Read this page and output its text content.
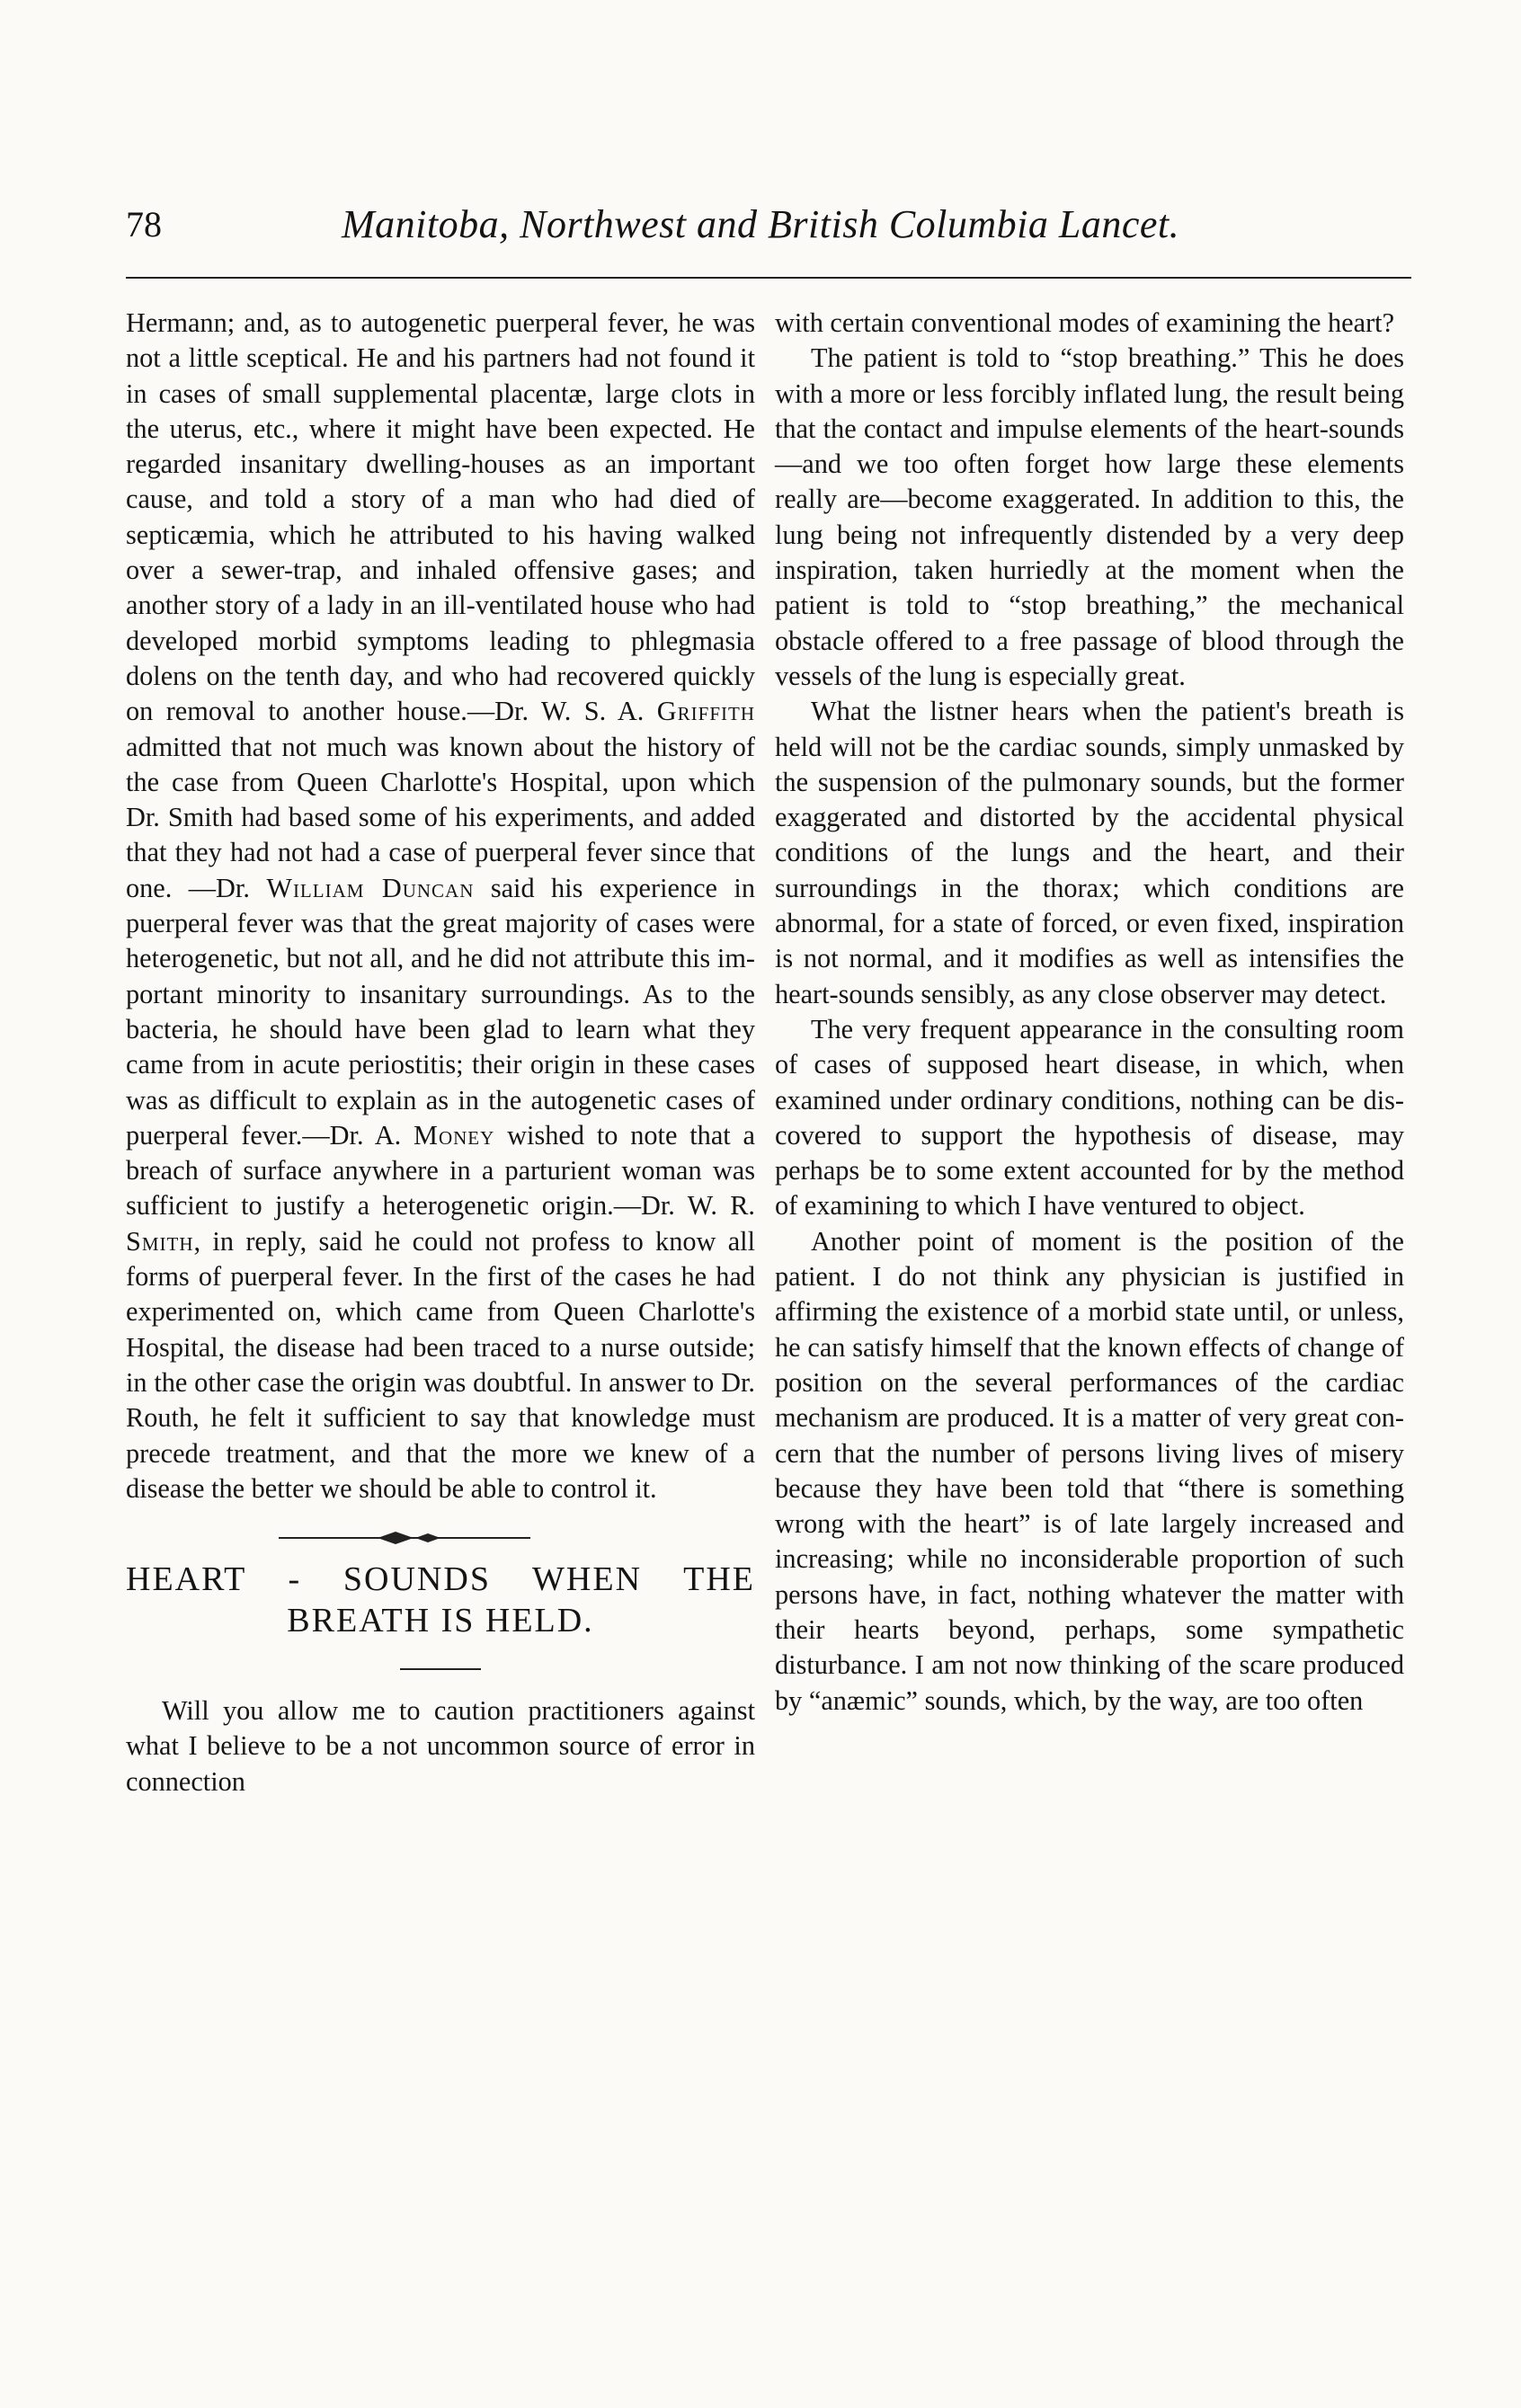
78	Manitoba, Northwest and British Columbia Lancet.

Hermann; and, as to autogenetic puerperal fever, he was not a little sceptical. He and his partners had not found it in cases of small supplemental placentæ, large clots in the uterus, etc., where it might have been expected. He regarded insanitary dwelling-houses as an important cause, and told a story of a man who had died of septicæmia, which he attributed to his having walked over a sewer-trap, and inhaled offensive gases; and another story of a lady in an ill-ventilated house who had developed morbid symptoms leading to phlegmasia dolens on the tenth day, and who had recovered quickly on removal to another house.—Dr. W. S. A. Griffith admitted that not much was known about the history of the case from Queen Charlotte's Hospital, upon which Dr. Smith had based some of his experiments, and added that they had not had a case of puerperal fever since that one. —Dr. William Duncan said his experience in puerperal fever was that the great majority of cases were heterogenetic, but not all, and he did not attribute this important minority to insanitary surroundings. As to the bacteria, he should have been glad to learn what they came from in acute periostitis; their origin in these cases was as difficult to explain as in the autogenetic cases of puerperal fever.—Dr. A. Money wished to note that a breach of surface anywhere in a parturient woman was sufficient to justify a heterogenetic origin.—Dr. W. R. Smith, in reply, said he could not profess to know all forms of puerperal fever. In the first of the cases he had experimented on, which came from Queen Charlotte's Hospital, the disease had been traced to a nurse outside; in the other case the origin was doubtful. In answer to Dr. Routh, he felt it sufficient to say that knowledge must precede treatment, and that the more we knew of a disease the better we should be able to control it.

HEART - SOUNDS WHEN THE
BREATH IS HELD.

Will you allow me to caution practitioners against what I believe to be a not uncommon source of error in connection

with certain conventional modes of examining the heart?

The patient is told to “stop breathing.” This he does with a more or less forcibly inflated lung, the result being that the contact and impulse elements of the heart-sounds—and we too often forget how large these elements really are—become exaggerated. In addition to this, the lung being not infrequently distended by a very deep inspiration, taken hurriedly at the moment when the patient is told to “stop breathing,” the mechanical obstacle offered to a free passage of blood through the vessels of the lung is especially great.

What the listner hears when the patient's breath is held will not be the cardiac sounds, simply unmasked by the suspension of the pulmonary sounds, but the former exaggerated and distorted by the accidental physical conditions of the lungs and the heart, and their surroundings in the thorax; which conditions are abnormal, for a state of forced, or even fixed, inspiration is not normal, and it modifies as well as intensifies the heart-sounds sensibly, as any close observer may detect.

The very frequent appearance in the consulting room of cases of supposed heart disease, in which, when examined under ordinary conditions, nothing can be discovered to support the hypothesis of disease, may perhaps be to some extent accounted for by the method of examining to which I have ventured to object.

Another point of moment is the position of the patient. I do not think any physician is justified in affirming the existence of a morbid state until, or unless, he can satisfy himself that the known effects of change of position on the several performances of the cardiac mechanism are produced. It is a matter of very great concern that the number of persons living lives of misery because they have been told that “there is something wrong with the heart” is of late largely increased and increasing; while no inconsiderable proportion of such persons have, in fact, nothing whatever the matter with their hearts beyond, perhaps, some sympathetic disturbance. I am not now thinking of the scare produced by “anæmic” sounds, which, by the way, are too often
